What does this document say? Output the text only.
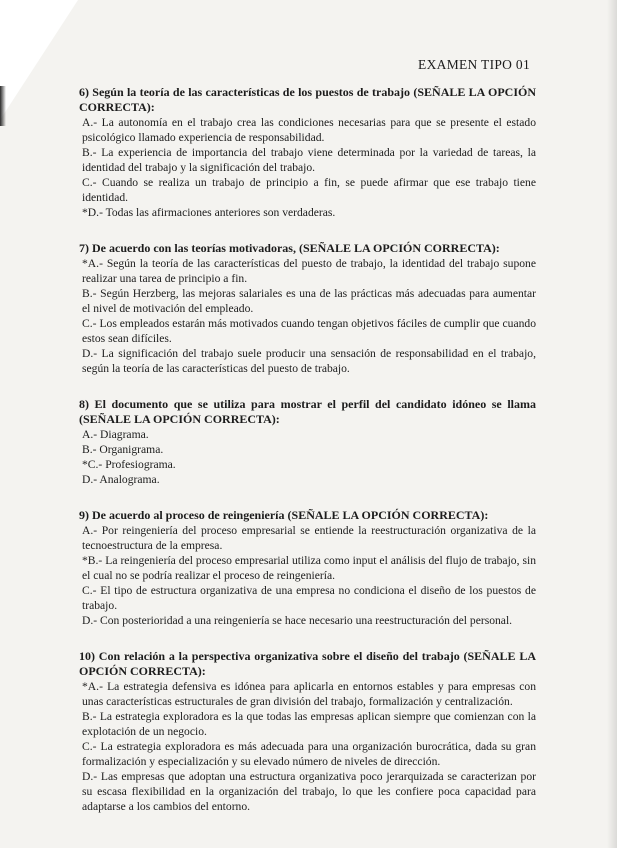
EXAMEN TIPO 01

6) Según la teoría de las características de los puestos de trabajo (SEÑALE LA OPCIÓN CORRECTA):

A.- La autonomía en el trabajo crea las condiciones necesarias para que se presente el estado psicológico llamado experiencia de responsabilidad.

B.- La experiencia de importancia del trabajo viene determinada por la variedad de tareas, la identidad del trabajo y la significación del trabajo.

C.- Cuando se realiza un trabajo de principio a fin, se puede afirmar que ese trabajo tiene identidad.

*D.- Todas las afirmaciones anteriores son verdaderas.

7) De acuerdo con las teorías motivadoras, (SEÑALE LA OPCIÓN CORRECTA):

*A.- Según la teoría de las características del puesto de trabajo, la identidad del trabajo supone realizar una tarea de principio a fin.

B.- Según Herzberg, las mejoras salariales es una de las prácticas más adecuadas para aumentar el nivel de motivación del empleado.

C.- Los empleados estarán más motivados cuando tengan objetivos fáciles de cumplir que cuando estos sean difíciles.

D.- La significación del trabajo suele producir una sensación de responsabilidad en el trabajo, según la teoría de las características del puesto de trabajo.

8) El documento que se utiliza para mostrar el perfil del candidato idóneo se llama (SEÑALE LA OPCIÓN CORRECTA):

A.- Diagrama.

B.- Organigrama.

*C.- Profesiograma.

D.- Analograma.

9) De acuerdo al proceso de reingeniería (SEÑALE LA OPCIÓN CORRECTA):

A.- Por reingeniería del proceso empresarial se entiende la reestructuración organizativa de la tecnoestructura de la empresa.

*B.- La reingeniería del proceso empresarial utiliza como input el análisis del flujo de trabajo, sin el cual no se podría realizar el proceso de reingeniería.

C.- El tipo de estructura organizativa de una empresa no condiciona el diseño de los puestos de trabajo.

D.- Con posterioridad a una reingeniería se hace necesario una reestructuración del personal.

10) Con relación a la perspectiva organizativa sobre el diseño del trabajo (SEÑALE LA OPCIÓN CORRECTA):

*A.- La estrategia defensiva es idónea para aplicarla en entornos estables y para empresas con unas características estructurales de gran división del trabajo, formalización y centralización.

B.- La estrategia exploradora es la que todas las empresas aplican siempre que comienzan con la explotación de un negocio.

C.- La estrategia exploradora es más adecuada para una organización burocrática, dada su gran formalización y especialización y su elevado número de niveles de dirección.

D.- Las empresas que adoptan una estructura organizativa poco jerarquizada se caracterizan por su escasa flexibilidad en la organización del trabajo, lo que les confiere poca capacidad para adaptarse a los cambios del entorno.
